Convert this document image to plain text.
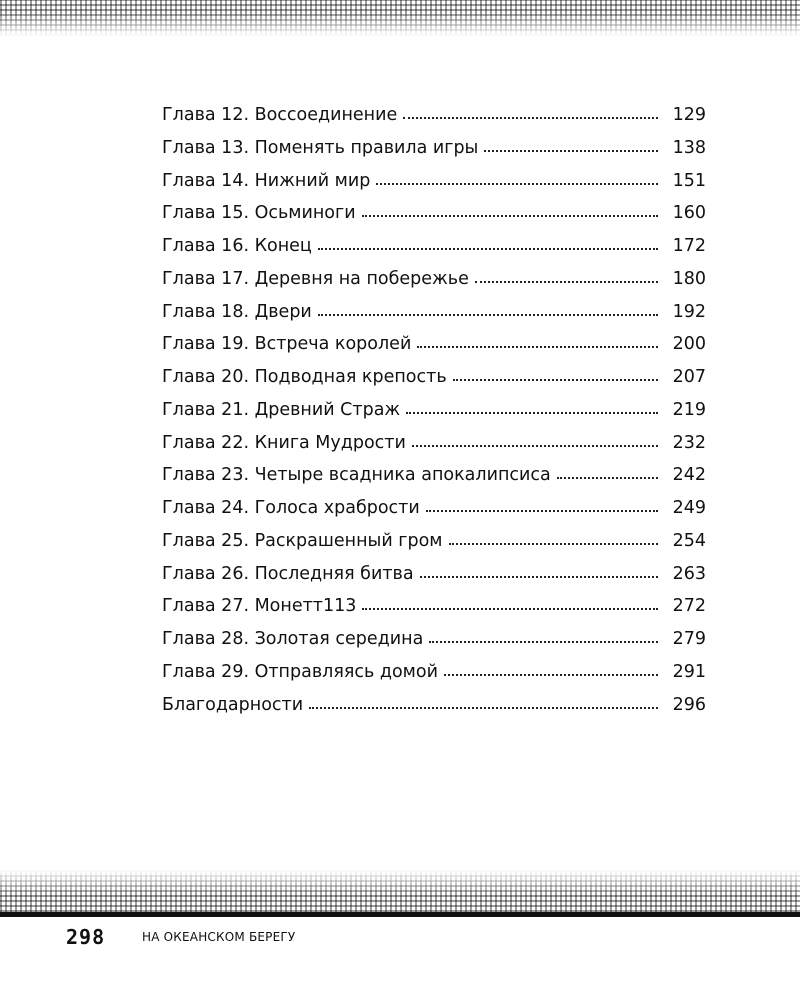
Глава 12. Воссоединение	129
Глава 13. Поменять правила игры	138
Глава 14. Нижний мир	151
Глава 15. Осьминоги	160
Глава 16. Конец	172
Глава 17. Деревня на побережье	180
Глава 18. Двери	192
Глава 19. Встреча королей	200
Глава 20. Подводная крепость	207
Глава 21. Древний Страж	219
Глава 22. Книга Мудрости	232
Глава 23. Четыре всадника апокалипсиса	242
Глава 24. Голоса храбрости	249
Глава 25. Раскрашенный гром	254
Глава 26. Последняя битва	263
Глава 27. Монетт113	272
Глава 28. Золотая середина	279
Глава 29. Отправляясь домой	291
Благодарности	296
298	НА ОКЕАНСКОМ БЕРЕГУ
